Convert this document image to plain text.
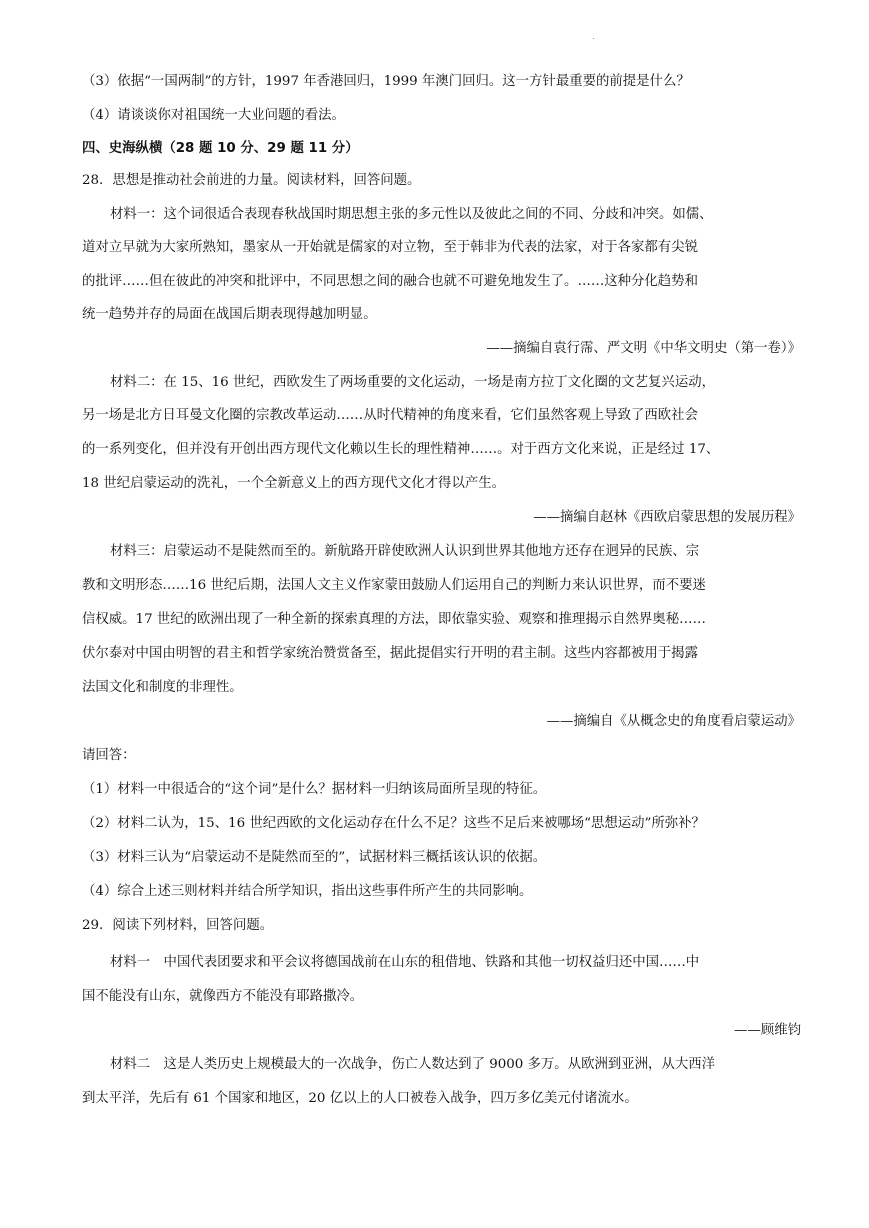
.
（3）依据“一国两制”的方针，1997 年香港回归，1999 年澳门回归。这一方针最重要的前提是什么？
（4）请谈谈你对祖国统一大业问题的看法。
四、史海纵横（28 题 10 分、29 题 11 分）
28．思想是推动社会前进的力量。阅读材料，回答问题。
材料一：这个词很适合表现春秋战国时期思想主张的多元性以及彼此之间的不同、分歧和冲突。如儒、
道对立早就为大家所熟知，墨家从一开始就是儒家的对立物，至于韩非为代表的法家，对于各家都有尖锐
的批评……但在彼此的冲突和批评中，不同思想之间的融合也就不可避免地发生了。……这种分化趋势和
统一趋势并存的局面在战国后期表现得越加明显。
——摘编自袁行霈、严文明《中华文明史（第一卷）》
材料二：在 15、16 世纪，西欧发生了两场重要的文化运动，一场是南方拉丁文化圈的文艺复兴运动，
另一场是北方日耳曼文化圈的宗教改革运动……从时代精神的角度来看，它们虽然客观上导致了西欧社会
的一系列变化，但并没有开创出西方现代文化赖以生长的理性精神……。对于西方文化来说，正是经过 17、
18 世纪启蒙运动的洗礼，一个全新意义上的西方现代文化才得以产生。
——摘编自赵林《西欧启蒙思想的发展历程》
材料三：启蒙运动不是陡然而至的。新航路开辟使欧洲人认识到世界其他地方还存在迥异的民族、宗
教和文明形态……16 世纪后期，法国人文主义作家蒙田鼓励人们运用自己的判断力来认识世界，而不要迷
信权威。17 世纪的欧洲出现了一种全新的探索真理的方法，即依靠实验、观察和推理揭示自然界奥秘……
伏尔泰对中国由明智的君主和哲学家统治赞赏备至，据此提倡实行开明的君主制。这些内容都被用于揭露
法国文化和制度的非理性。
——摘编自《从概念史的角度看启蒙运动》
请回答：
（1）材料一中很适合的“这个词”是什么？据材料一归纳该局面所呈现的特征。
（2）材料二认为，15、16 世纪西欧的文化运动存在什么不足？这些不足后来被哪场“思想运动”所弥补？
（3）材料三认为“启蒙运动不是陡然而至的”，试据材料三概括该认识的依据。
（4）综合上述三则材料并结合所学知识，指出这些事件所产生的共同影响。
29．阅读下列材料，回答问题。
材料一　中国代表团要求和平会议将德国战前在山东的租借地、铁路和其他一切权益归还中国……中
国不能没有山东，就像西方不能没有耶路撒冷。
——顾维钧
材料二　这是人类历史上规模最大的一次战争，伤亡人数达到了 9000 多万。从欧洲到亚洲，从大西洋
到太平洋，先后有 61 个国家和地区，20 亿以上的人口被卷入战争，四万多亿美元付诸流水。
